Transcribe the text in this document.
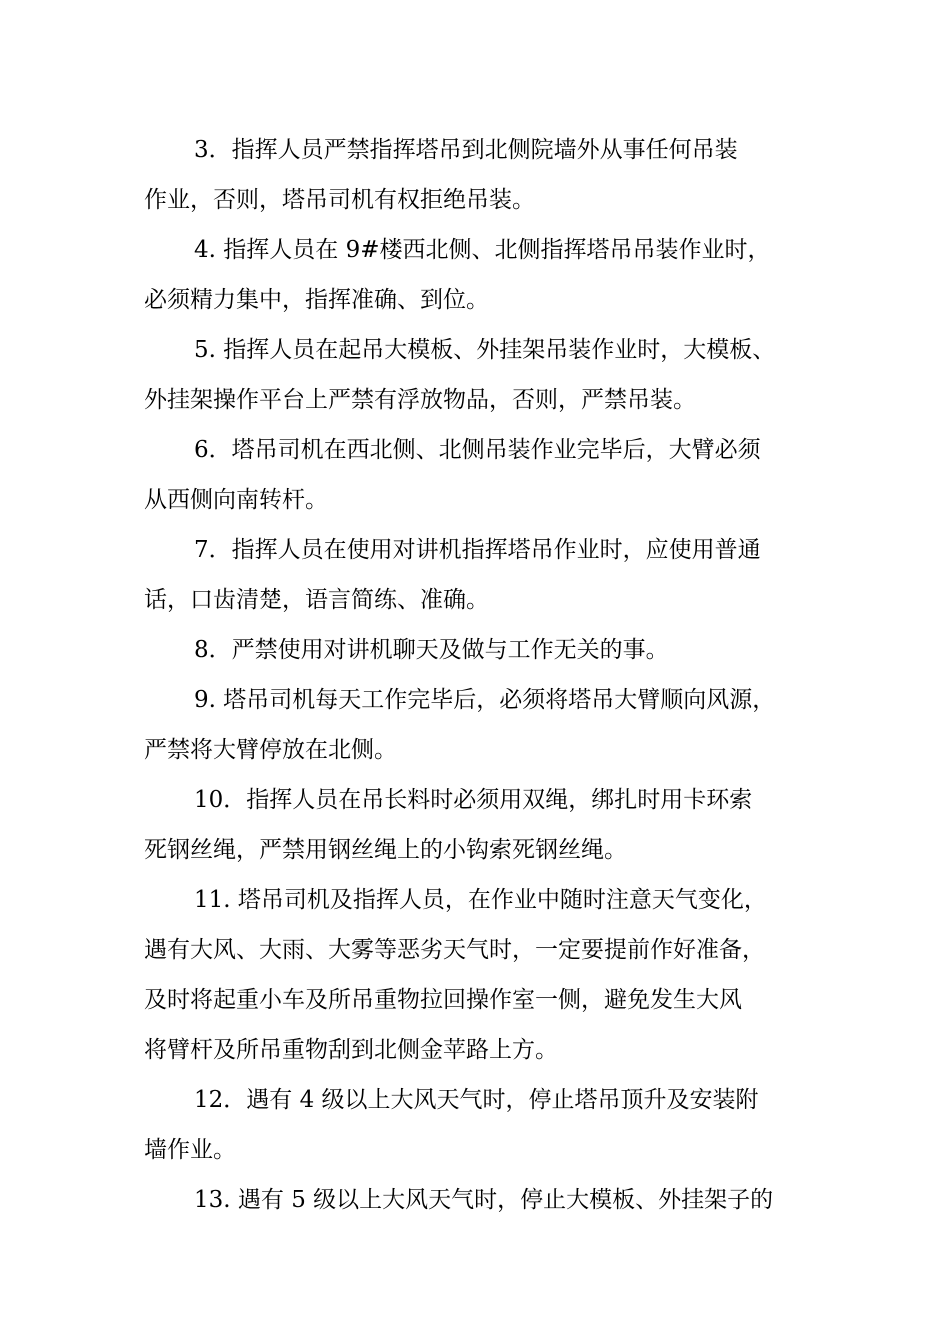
3．指挥人员严禁指挥塔吊到北侧院墙外从事任何吊装
作业，否则，塔吊司机有权拒绝吊装。
4. 指挥人员在 9#楼西北侧、北侧指挥塔吊吊装作业时，
必须精力集中，指挥准确、到位。
5. 指挥人员在起吊大模板、外挂架吊装作业时，大模板、
外挂架操作平台上严禁有浮放物品，否则，严禁吊装。
6．塔吊司机在西北侧、北侧吊装作业完毕后，大臂必须
从西侧向南转杆。
7．指挥人员在使用对讲机指挥塔吊作业时，应使用普通
话，口齿清楚，语言简练、准确。
8．严禁使用对讲机聊天及做与工作无关的事。
9. 塔吊司机每天工作完毕后，必须将塔吊大臂顺向风源，
严禁将大臂停放在北侧。
10．指挥人员在吊长料时必须用双绳，绑扎时用卡环索
死钢丝绳，严禁用钢丝绳上的小钩索死钢丝绳。
11. 塔吊司机及指挥人员，在作业中随时注意天气变化，
遇有大风、大雨、大雾等恶劣天气时，一定要提前作好准备，
及时将起重小车及所吊重物拉回操作室一侧，避免发生大风
将臂杆及所吊重物刮到北侧金苹路上方。
12．遇有 4 级以上大风天气时，停止塔吊顶升及安装附
墙作业。
13. 遇有 5 级以上大风天气时，停止大模板、外挂架子的
